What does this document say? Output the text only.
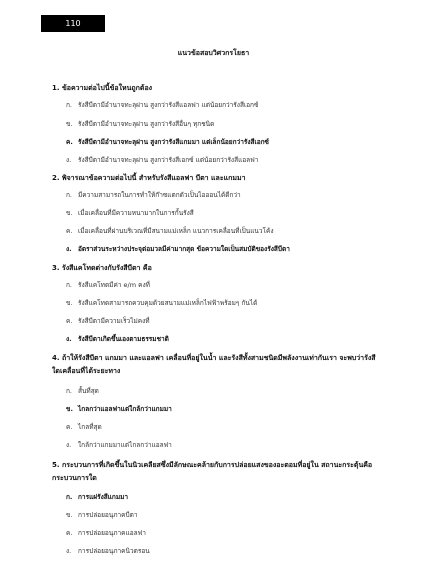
110
แนวข้อสอบวิศวกรโยธา
1. ข้อความต่อไปนี้ข้อใหนถูกต้อง
ก. รังสีบีตามีอำนาจทะลุผ่าน สูงกว่ารังสีแอลฟา แต่น้อยกว่ารังสีเอกซ์
ข. รังสีบีตามีอำนาจทะลุผ่าน สูงกว่ารังสีอื่นๆ ทุกชนิด
ค. รังสีบีตามีอำนาจทะลุผ่าน สูงกว่ารังสีแกมมา แต่เล็กน้อยกว่ารังสีเอกซ์
ง. รังสีบีตามีอำนาจทะลุผ่าน สูงกว่ารังสีเอกซ์ แต่น้อยกว่ารังสีแอลฟา
2. พิจารณาข้อความต่อไปนี้ สำหรับรังสีแอลฟา บีตา และแกมมา
ก. มีความสามารถในการทำให้ก๊าซแตกตัวเป็นไอออนได้ดีกว่า
ข. เมื่อเคลื่อนที่มีความหนามากในการกั้นรังสี
ค. เมื่อเคลื่อนที่ผ่านบริเวณที่มีสนามแม่เหล็ก แนวการเคลื่อนที่เป็นแนวโค้ง
ง. อัตราส่วนระหว่างประจุต่อมวลมีค่ามากสุด ข้อความใดเป็นสมบัติของรังสีบีตา
3. รังสีแคโทดต่างกับรังสีบีตา คือ
ก. รังสีแคโทดมีค่า e/m คงที่
ข. รังสีแคโทดสามารถควบคุมด้วยสนามแม่เหล็กไฟฟ้าพร้อมๆ กันได้
ค. รังสีบีตามีความเร็วไม่คงที่
ง. รังสีบีตาเกิดขึ้นเองตามธรรมชาติ
4. ถ้าให้รังสีบีตา แกมมา และแอลฟา เคลื่อนที่อยู่ในน้ำ และรังสีทั้งสามชนิดมีพลังงานเท่ากันเรา จะพบว่ารังสีใดเคลื่อนที่ได้ระยะทาง
ก. สั้นที่สุด
ข. ไกลกว่าแอลฟาแต่ใกล้กว่าแกมมา
ค. ไกลที่สุด
ง. ใกล้กว่าแกมมาแต่ไกลกว่าแอลฟา
5. กระบวนการที่เกิดขึ้นในนิวเคลียสซึ่งมีลักษณะคล้ายกับการปล่อยแสงของอะตอมที่อยู่ใน สถานะกระตุ้นคือกระบวนการใด
ก. การแผ่รังสีแกมมา
ข. การปล่อยอนุภาคบีตา
ค. การปล่อยอนุภาคแอลฟา
ง. การปล่อยอนุภาคนิวตรอน
